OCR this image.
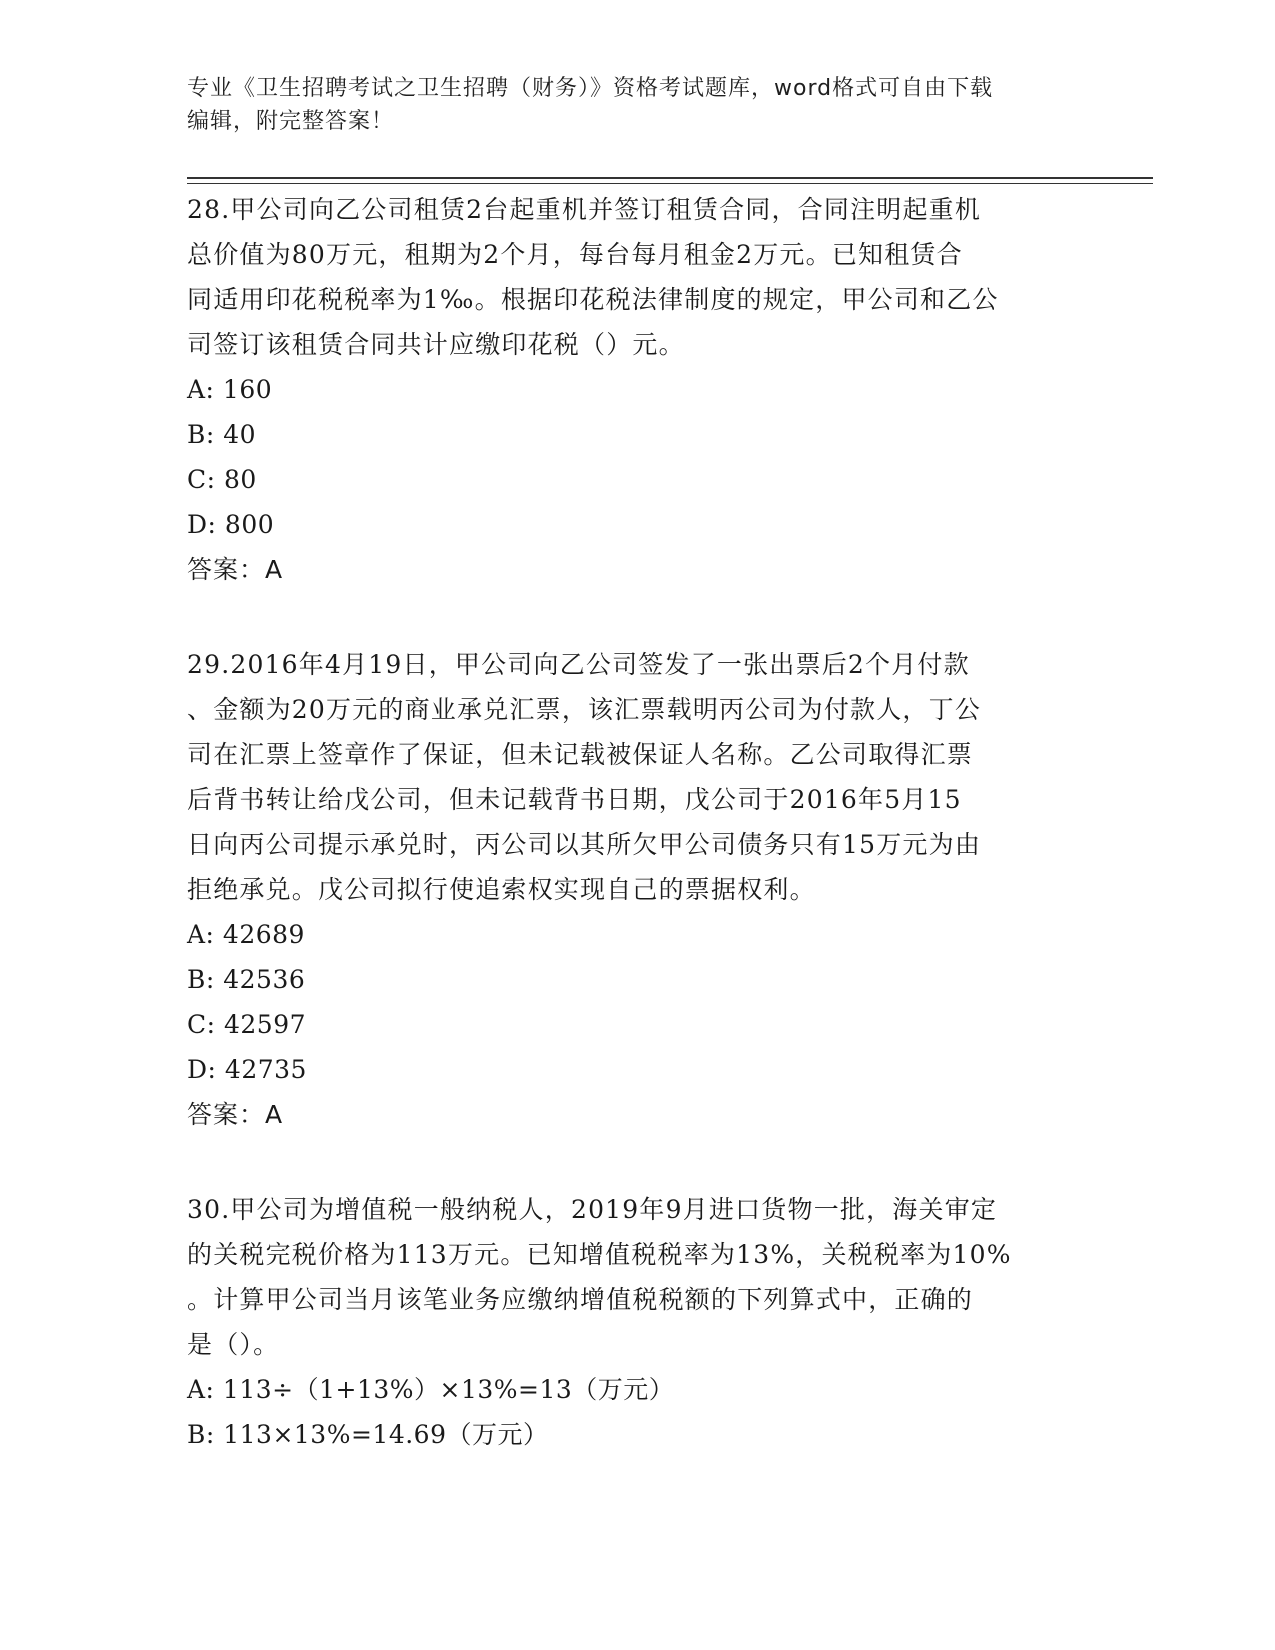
专业《卫生招聘考试之卫生招聘（财务）》资格考试题库，word格式可自由下载
编辑，附完整答案！

28.甲公司向乙公司租赁2台起重机并签订租赁合同，合同注明起重机

总价值为80万元，租期为2个月，每台每月租金2万元。已知租赁合

同适用印花税税率为1‰。根据印花税法律制度的规定，甲公司和乙公

司签订该租赁合同共计应缴印花税（）元。

A: 160

B: 40

C: 80

D: 800

答案：A

29.2016年4月19日，甲公司向乙公司签发了一张出票后2个月付款

、金额为20万元的商业承兑汇票，该汇票载明丙公司为付款人，丁公

司在汇票上签章作了保证，但未记载被保证人名称。乙公司取得汇票

后背书转让给戊公司，但未记载背书日期，戊公司于2016年5月15

日向丙公司提示承兑时，丙公司以其所欠甲公司债务只有15万元为由

拒绝承兑。戊公司拟行使追索权实现自己的票据权利。

A: 42689

B: 42536

C: 42597

D: 42735

答案：A

30.甲公司为增值税一般纳税人，2019年9月进口货物一批，海关审定

的关税完税价格为113万元。已知增值税税率为13%，关税税率为10%

。计算甲公司当月该笔业务应缴纳增值税税额的下列算式中，正确的

是（）。

A: 113÷（1+13%）×13%=13（万元）

B: 113×13%=14.69（万元）
